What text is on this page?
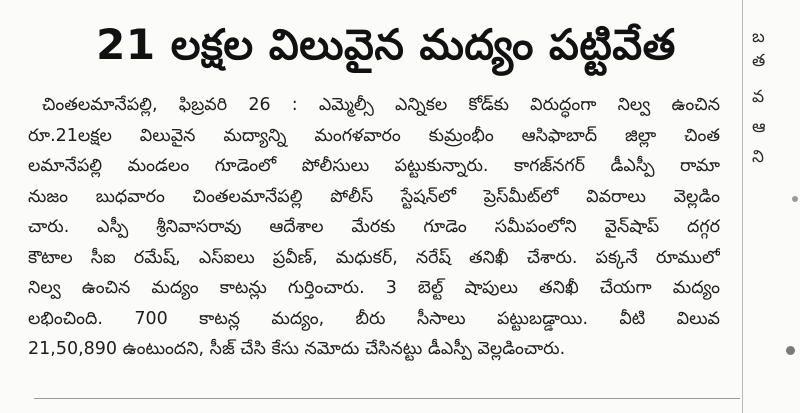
21 లక్షల విలువైన మద్యం పట్టివేత
చింతలమానేపల్లి, ఫిబ్రవరి 26 : ఎమ్మెల్సీ ఎన్నికల కోడ్‌కు విరుద్ధంగా నిల్వ ఉంచిన
రూ.21లక్షల విలువైన మద్యాన్ని మంగళవారం కుమ్రంభీం ఆసిఫాబాద్ జిల్లా చింత
లమానేపల్లి మండలం గూడెంలో పోలీసులు పట్టుకున్నారు. కాగజ్‌నగర్ డీఎస్పీ రామా
నుజం బుధవారం చింతలమానేపల్లి పోలీస్ స్టేషన్‌లో ప్రెస్‌మీట్‌లో వివరాలు వెల్లడిం
చారు. ఎస్పీ శ్రీనివాసరావు ఆదేశాల మేరకు గూడెం సమీపంలోని వైన్‌షాప్ దగ్గర
కౌటాల సీఐ రమేష్, ఎస్ఐలు ప్రవీణ్, మధుకర్, నరేష్ తనిఖీ చేశారు. పక్కనే రూములో
నిల్వ ఉంచిన మద్యం కాటన్లు గుర్తించారు. 3 బెల్ట్ షాపులు తనిఖీ చేయగా మద్యం
లభించింది. 700 కాటన్ల మద్యం, బీరు సీసాలు పట్టుబడ్డాయి. వీటి విలువ
21,50,890 ఉంటుందని, సీజ్ చేసి కేసు నమోదు చేసినట్టు డీఎస్పీ వెల్లడించారు.
బ
త
వ
ఆ
ని
